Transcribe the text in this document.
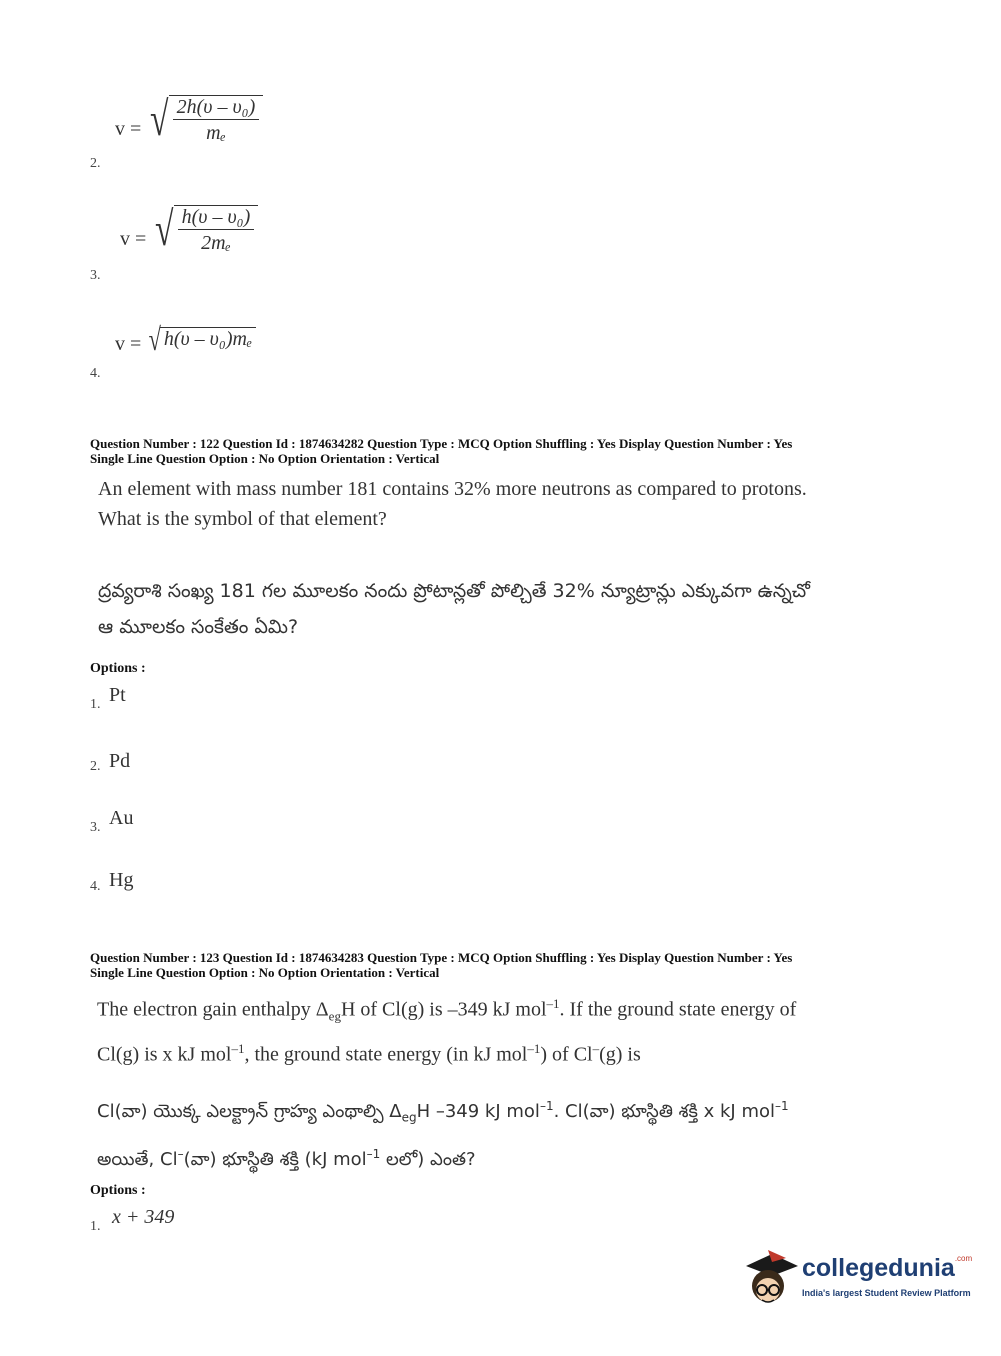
v = √ $\frac{\text{2h(υ – υ₀)}}{\text{mₑ}}$
2.
v = √ $\frac{\text{h(υ – υ₀)}}{\text{2mₑ}}$
3.
v = √ h(υ – υ₀)mₑ
4.
Question Number : 122 Question Id : 1874634282 Question Type : MCQ Option Shuffling : Yes Display Question Number : Yes
Single Line Question Option : No Option Orientation : Vertical
An element with mass number 181 contains 32% more neutrons as compared to protons.
What is the symbol of that element?
ద్రవ్యరాశి సంఖ్య 181 గల మూలకం నందు ప్రోటాన్లతో పోల్చితే 32% న్యూట్రాన్లు ఎక్కువగా ఉన్నచో
ఆ మూలకం సంకేతం ఏమి?
Options :
Pt
1.
Pd
2.
Au
3.
Hg
4.
Question Number : 123 Question Id : 1874634283 Question Type : MCQ Option Shuffling : Yes Display Question Number : Yes
Single Line Question Option : No Option Orientation : Vertical
The electron gain enthalpy $\Delta_{eg}H$ of Cl(g) is –349 kJ mol$^{-1}$. If the ground state energy of
Cl(g) is x kJ mol$^{-1}$, the ground state energy (in kJ mol$^{-1}$) of Cl–(g) is
Cl(వా) యొక్క ఎలక్ట్రాన్ గ్రాహ్య ఎంథాల్పి $\Delta_{eg}H$ –349 kJ mol$^{-1}$. Cl(వా) భూస్థితి శక్తి x kJ mol$^{-1}$
అయితే, Cl–(వా) భూస్థితి శక్తి (kJ mol$^{-1}$ లలో) ఎంత?
Options :
x + 349
1.
collegedunia$^{.com}$
India's largest Student Review Platform
